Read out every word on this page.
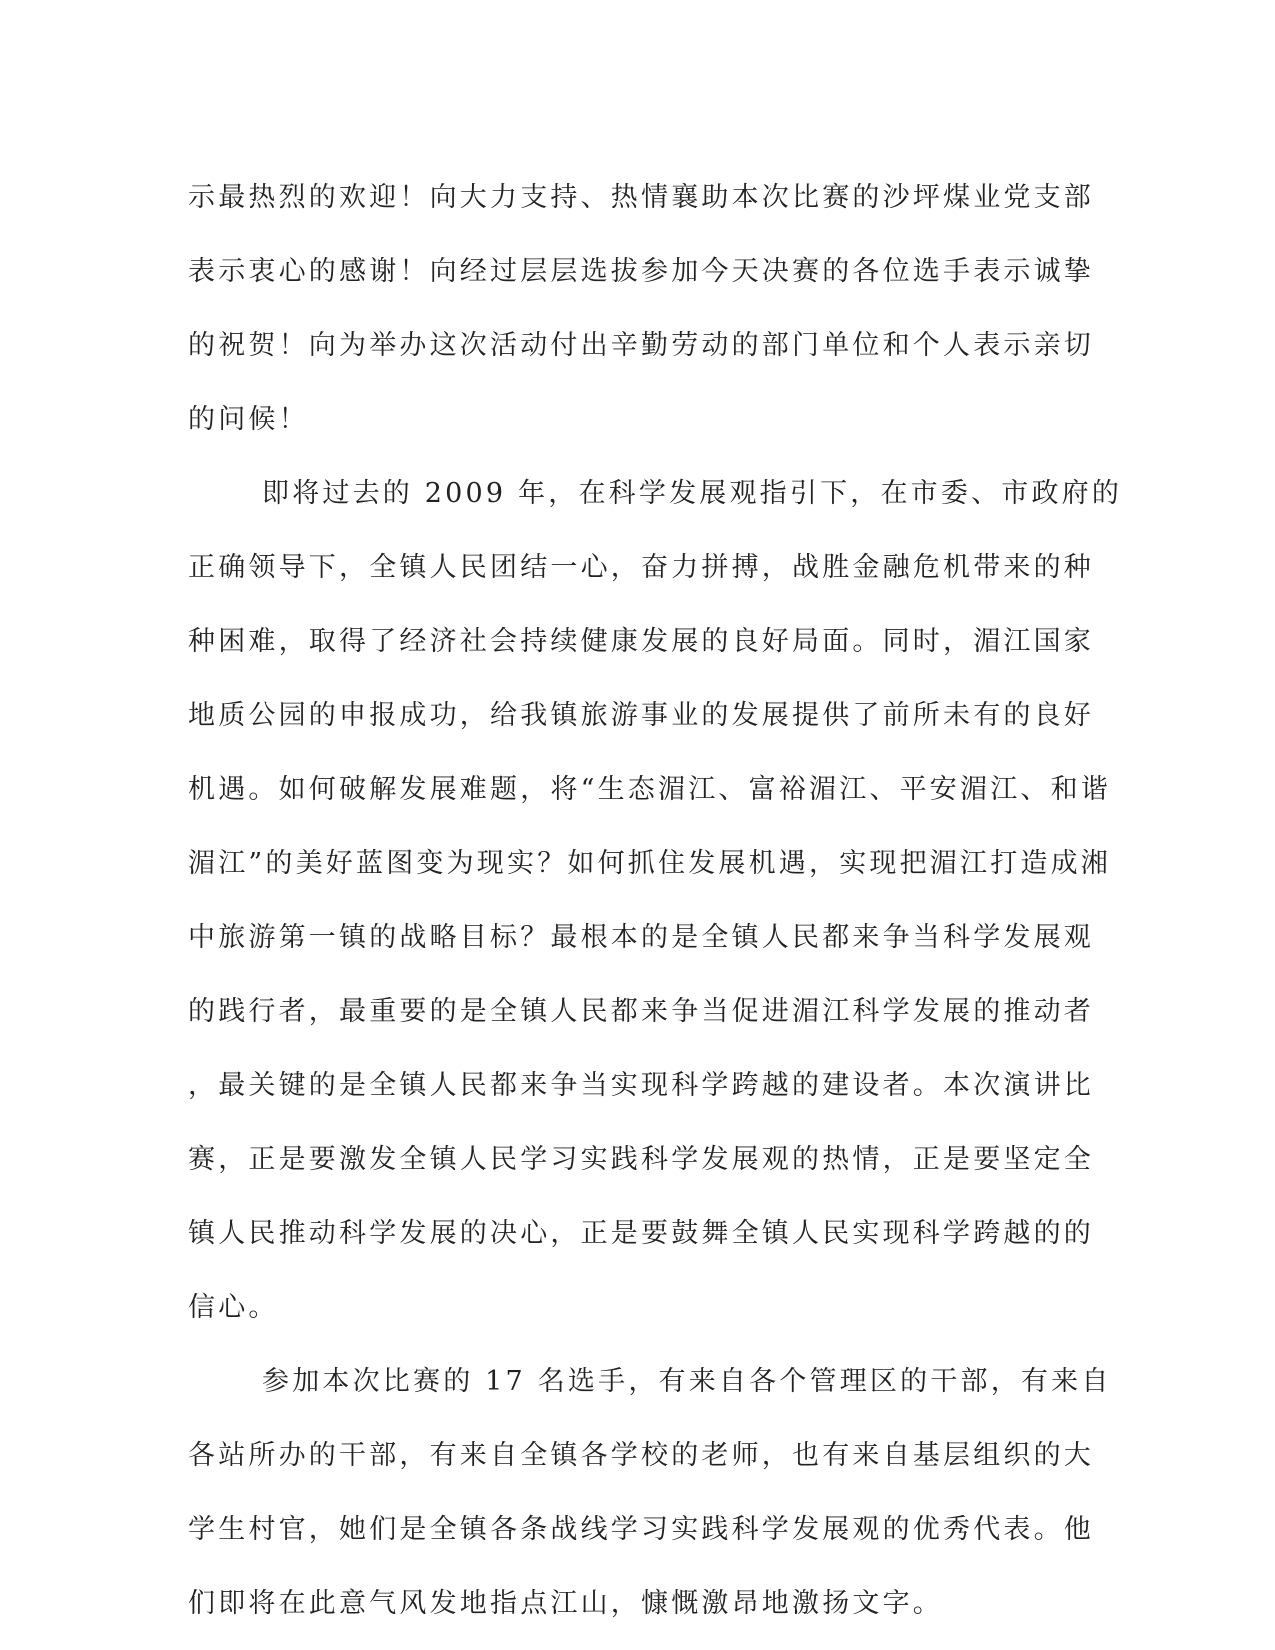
示最热烈的欢迎！向大力支持、热情襄助本次比赛的沙坪煤业党支部
表示衷心的感谢！向经过层层选拔参加今天决赛的各位选手表示诚挚
的祝贺！向为举办这次活动付出辛勤劳动的部门单位和个人表示亲切
的问候！
即将过去的 2009 年，在科学发展观指引下，在市委、市政府的
正确领导下，全镇人民团结一心，奋力拼搏，战胜金融危机带来的种
种困难，取得了经济社会持续健康发展的良好局面。同时，湄江国家
地质公园的申报成功，给我镇旅游事业的发展提供了前所未有的良好
机遇。如何破解发展难题，将“生态湄江、富裕湄江、平安湄江、和谐
湄江”的美好蓝图变为现实？如何抓住发展机遇，实现把湄江打造成湘
中旅游第一镇的战略目标？最根本的是全镇人民都来争当科学发展观
的践行者，最重要的是全镇人民都来争当促进湄江科学发展的推动者
，最关键的是全镇人民都来争当实现科学跨越的建设者。本次演讲比
赛，正是要激发全镇人民学习实践科学发展观的热情，正是要坚定全
镇人民推动科学发展的决心，正是要鼓舞全镇人民实现科学跨越的的
信心。
参加本次比赛的 17 名选手，有来自各个管理区的干部，有来自
各站所办的干部，有来自全镇各学校的老师，也有来自基层组织的大
学生村官，她们是全镇各条战线学习实践科学发展观的优秀代表。他
们即将在此意气风发地指点江山，慷慨激昂地激扬文字。
